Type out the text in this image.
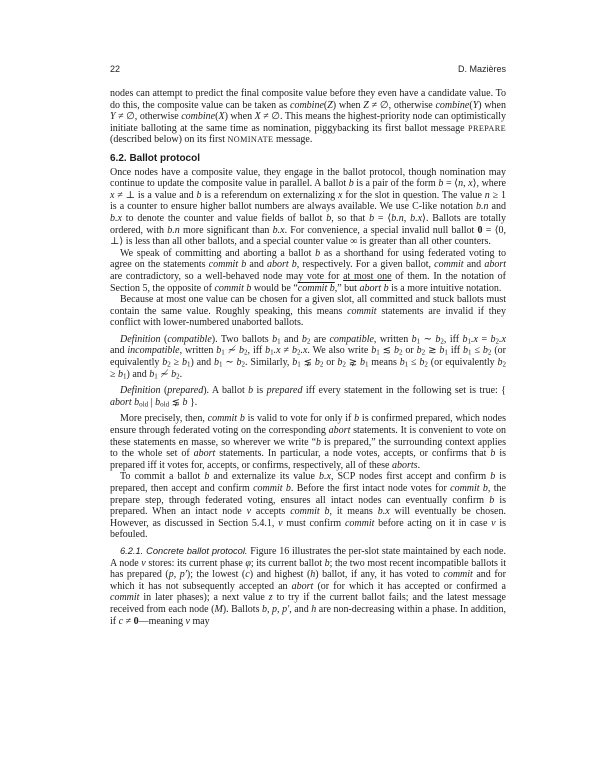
22	D. Mazières

nodes can attempt to predict the final composite value before they even have a candidate value. To do this, the composite value can be taken as combine(Z) when Z ≠ ∅, otherwise combine(Y) when Y ≠ ∅, otherwise combine(X) when X ≠ ∅. This means the highest-priority node can optimistically initiate balloting at the same time as nomination, piggybacking its first ballot message PREPARE (described below) on its first NOMINATE message.

6.2. Ballot protocol

Once nodes have a composite value, they engage in the ballot protocol, though nomination may continue to update the composite value in parallel. A ballot b is a pair of the form b = ⟨n, x⟩, where x ≠ ⊥ is a value and b is a referendum on externalizing x for the slot in question. The value n ≥ 1 is a counter to ensure higher ballot numbers are always available. We use C-like notation b.n and b.x to denote the counter and value fields of ballot b, so that b = ⟨b.n, b.x⟩. Ballots are totally ordered, with b.n more significant than b.x. For convenience, a special invalid null ballot 0 = ⟨0, ⊥⟩ is less than all other ballots, and a special counter value ∞ is greater than all other counters.

We speak of committing and aborting a ballot b as a shorthand for using federated voting to agree on the statements commit b and abort b, respectively. For a given ballot, commit and abort are contradictory, so a well-behaved node may vote for at most one of them. In the notation of Section 5, the opposite of commit b would be “commit b,” but abort b is a more intuitive notation.

Because at most one value can be chosen for a given slot, all committed and stuck ballots must contain the same value. Roughly speaking, this means commit statements are invalid if they conflict with lower-numbered unaborted ballots.

Definition (compatible). Two ballots b1 and b2 are compatible, written b1 ∼ b2, iff b1.x = b2.x and incompatible, written b1 ≁ b2, iff b1.x ≠ b2.x. We also write b1 ≲ b2 or b2 ≳ b1 iff b1 ≤ b2 (or equivalently b2 ≥ b1) and b1 ∼ b2. Similarly, b1 ⋦ b2 or b2 ⋧ b1 means b1 ≤ b2 (or equivalently b2 ≥ b1) and b1 ≁ b2.

Definition (prepared). A ballot b is prepared iff every statement in the following set is true: { abort bold | bold ⋦ b }.

More precisely, then, commit b is valid to vote for only if b is confirmed prepared, which nodes ensure through federated voting on the corresponding abort statements. It is convenient to vote on these statements en masse, so wherever we write “b is prepared,” the surrounding context applies to the whole set of abort statements. In particular, a node votes, accepts, or confirms that b is prepared iff it votes for, accepts, or confirms, respectively, all of these aborts.

To commit a ballot b and externalize its value b.x, SCP nodes first accept and confirm b is prepared, then accept and confirm commit b. Before the first intact node votes for commit b, the prepare step, through federated voting, ensures all intact nodes can eventually confirm b is prepared. When an intact node v accepts commit b, it means b.x will eventually be chosen. However, as discussed in Section 5.4.1, v must confirm commit before acting on it in case v is befouled.

6.2.1. Concrete ballot protocol. Figure 16 illustrates the per-slot state maintained by each node. A node v stores: its current phase φ; its current ballot b; the two most recent incompatible ballots it has prepared (p, p′); the lowest (c) and highest (h) ballot, if any, it has voted to commit and for which it has not subsequently accepted an abort (or for which it has accepted or confirmed a commit in later phases); a next value z to try if the current ballot fails; and the latest message received from each node (M). Ballots b, p, p′, and h are non-decreasing within a phase. In addition, if c ≠ 0—meaning v may
